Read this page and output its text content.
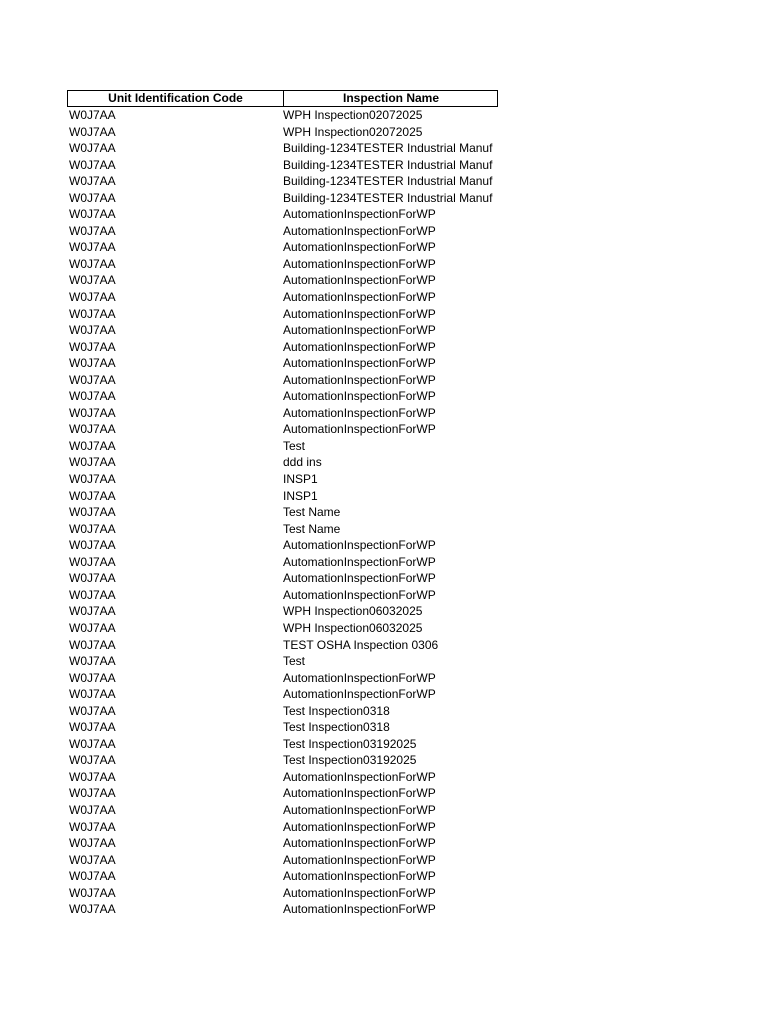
Unit Identification Code	Inspection Name
W0J7AA	WPH Inspection02072025
W0J7AA	WPH Inspection02072025
W0J7AA	Building-1234TESTER Industrial Manuf
W0J7AA	Building-1234TESTER Industrial Manuf
W0J7AA	Building-1234TESTER Industrial Manuf
W0J7AA	Building-1234TESTER Industrial Manuf
W0J7AA	AutomationInspectionForWP
W0J7AA	AutomationInspectionForWP
W0J7AA	AutomationInspectionForWP
W0J7AA	AutomationInspectionForWP
W0J7AA	AutomationInspectionForWP
W0J7AA	AutomationInspectionForWP
W0J7AA	AutomationInspectionForWP
W0J7AA	AutomationInspectionForWP
W0J7AA	AutomationInspectionForWP
W0J7AA	AutomationInspectionForWP
W0J7AA	AutomationInspectionForWP
W0J7AA	AutomationInspectionForWP
W0J7AA	AutomationInspectionForWP
W0J7AA	AutomationInspectionForWP
W0J7AA	Test
W0J7AA	ddd ins
W0J7AA	INSP1
W0J7AA	INSP1
W0J7AA	Test Name
W0J7AA	Test Name
W0J7AA	AutomationInspectionForWP
W0J7AA	AutomationInspectionForWP
W0J7AA	AutomationInspectionForWP
W0J7AA	AutomationInspectionForWP
W0J7AA	WPH Inspection06032025
W0J7AA	WPH Inspection06032025
W0J7AA	TEST OSHA Inspection 0306
W0J7AA	Test
W0J7AA	AutomationInspectionForWP
W0J7AA	AutomationInspectionForWP
W0J7AA	Test Inspection0318
W0J7AA	Test Inspection0318
W0J7AA	Test Inspection03192025
W0J7AA	Test Inspection03192025
W0J7AA	AutomationInspectionForWP
W0J7AA	AutomationInspectionForWP
W0J7AA	AutomationInspectionForWP
W0J7AA	AutomationInspectionForWP
W0J7AA	AutomationInspectionForWP
W0J7AA	AutomationInspectionForWP
W0J7AA	AutomationInspectionForWP
W0J7AA	AutomationInspectionForWP
W0J7AA	AutomationInspectionForWP
